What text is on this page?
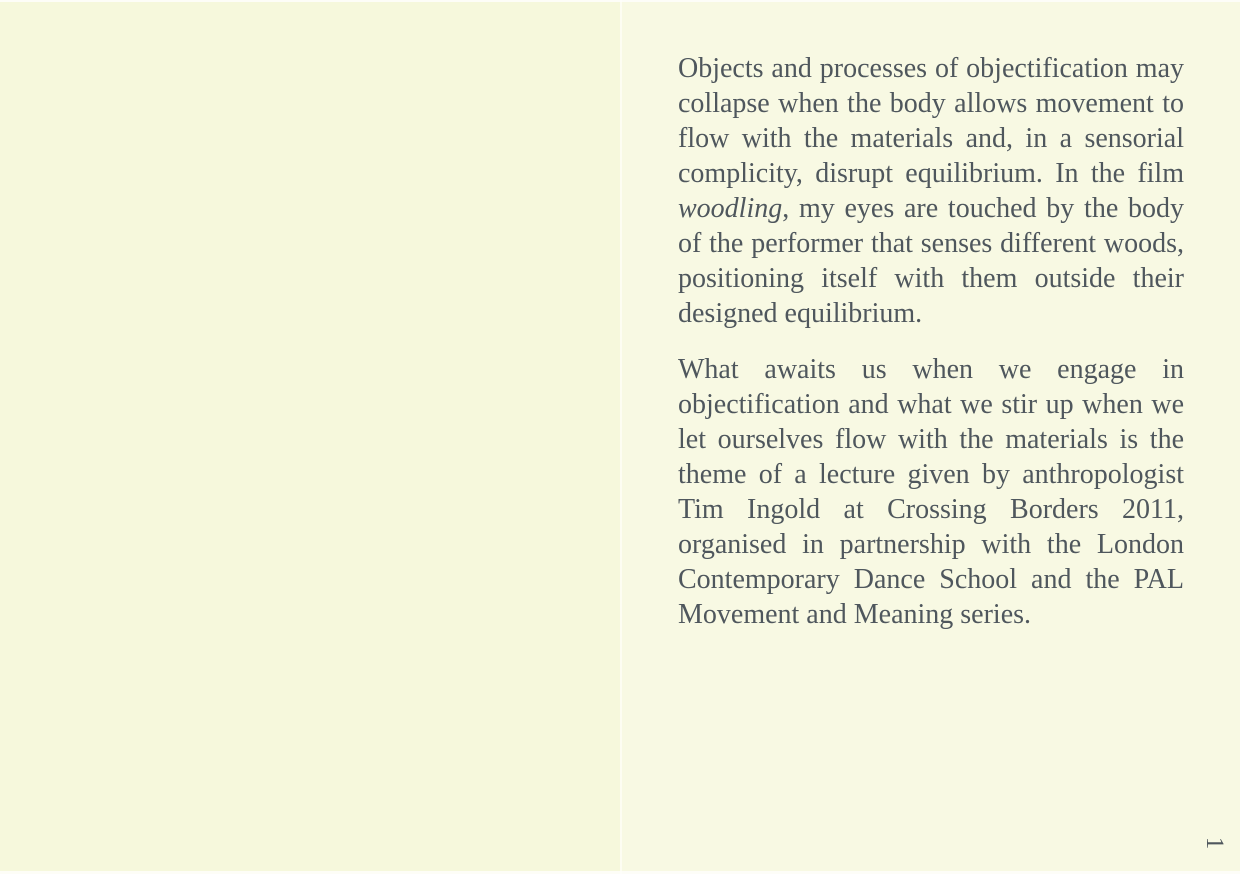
Objects and processes of objectification may
collapse when the body allows movement to
flow with the materials and, in a sensorial
complicity, disrupt equilibrium. In the film
woodling, my eyes are touched by the body
of the performer that senses different woods,
positioning itself with them outside their
designed equilibrium.
What awaits us when we engage in
objectification and what we stir up when we
let ourselves flow with the materials is the
theme of a lecture given by anthropologist
Tim Ingold at Crossing Borders 2011,
organised in partnership with the London
Contemporary Dance School and the PAL
Movement and Meaning series.
1
